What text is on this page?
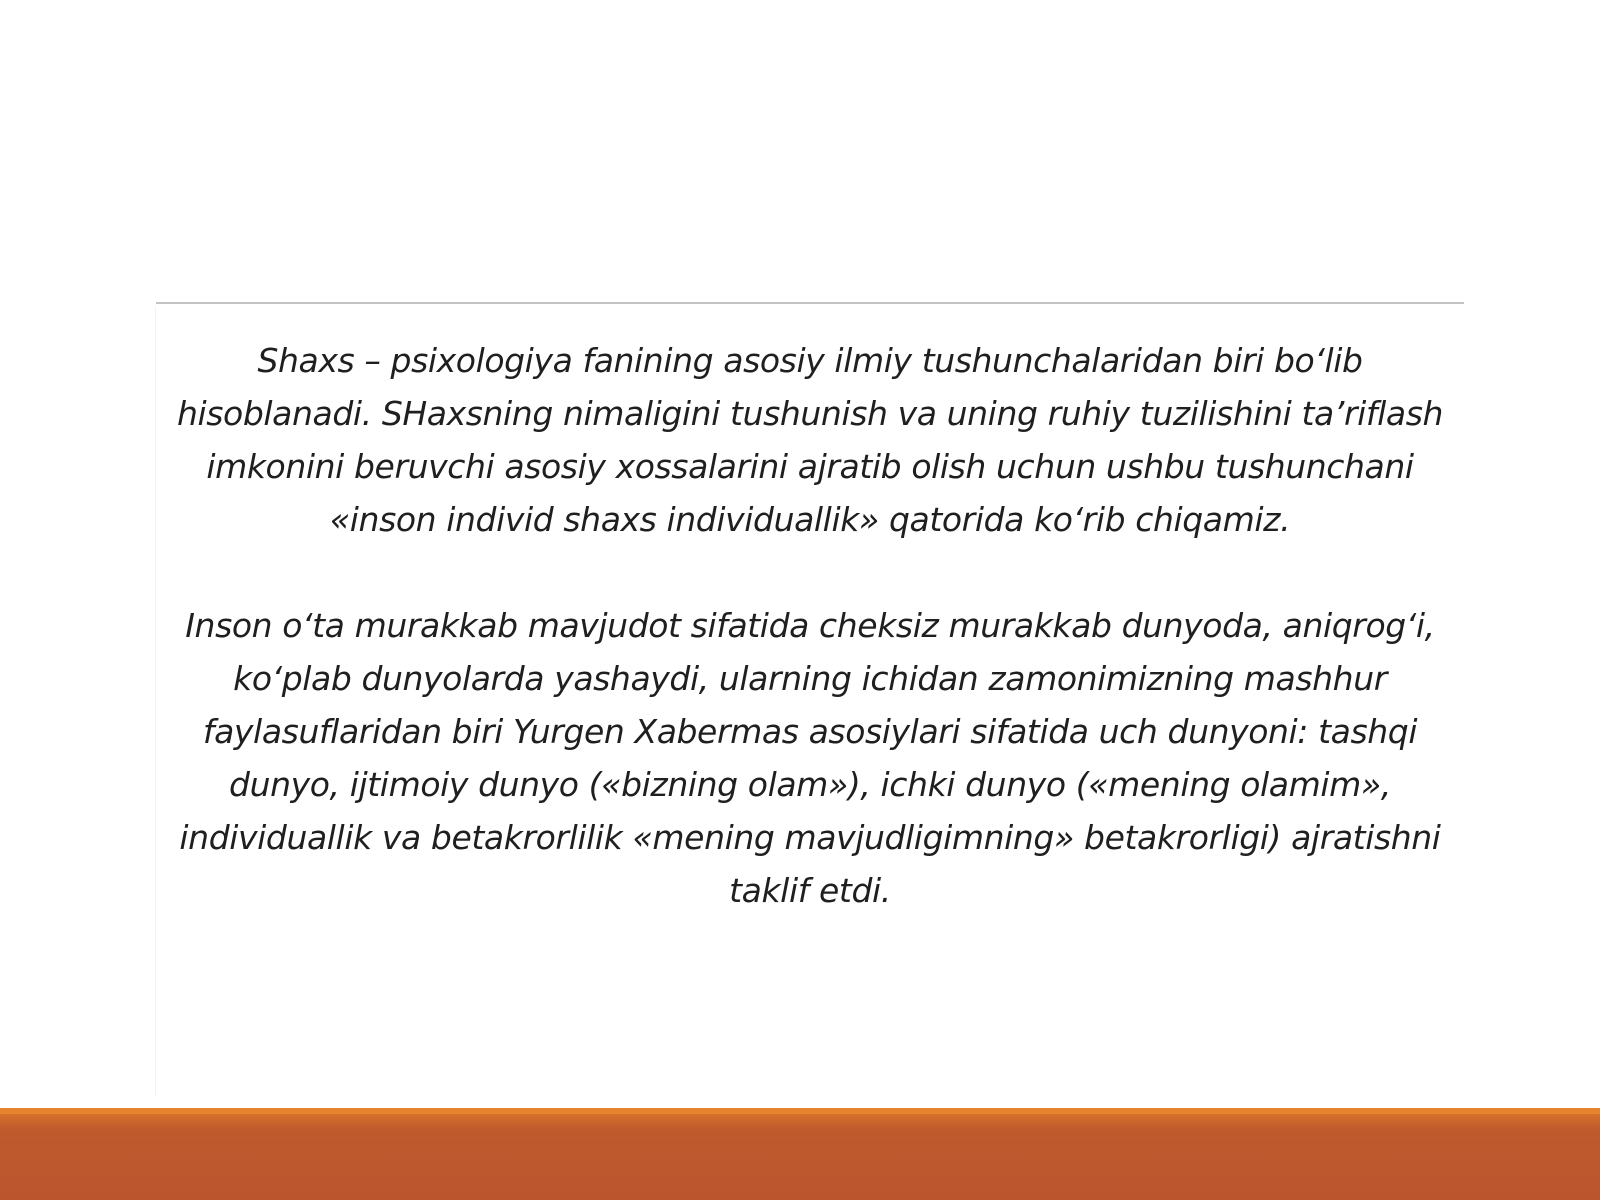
Shaxs – psixologiya fanining asosiy ilmiy tushunchalaridan biri bo‘lib hisoblanadi. SHaxsning nimaligini tushunish va uning ruhiy tuzilishini ta’riflash imkonini beruvchi asosiy xossalarini ajratib olish uchun ushbu tushunchani «inson individ shaxs individuallik» qatorida ko‘rib chiqamiz.

Inson o‘ta murakkab mavjudot sifatida cheksiz murakkab dunyoda, aniqrog‘i, ko‘plab dunyolarda yashaydi, ularning ichidan zamonimizning mashhur faylasuflaridan biri Yurgen Xabermas asosiylari sifatida uch dunyoni: tashqi dunyo, ijtimoiy dunyo («bizning olam»), ichki dunyo («mening olamim», individuallik va betakrorlilik «mening mavjudligimning» betakrorligi) ajratishni taklif etdi.
